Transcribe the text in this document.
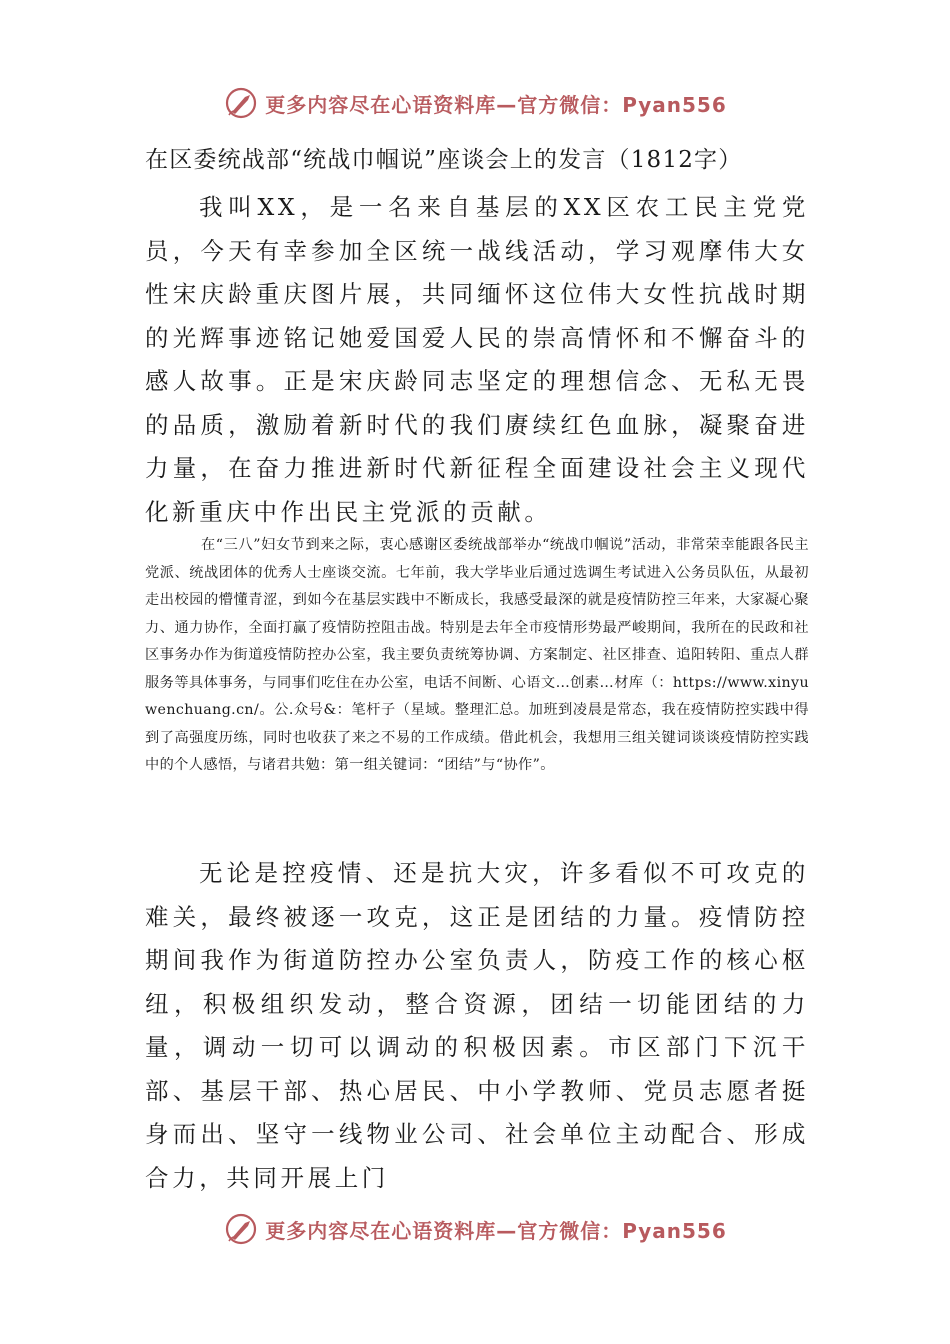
更多内容尽在心语资料库—官方微信：Pyan556
在区委统战部“统战巾帼说”座谈会上的发言（1812字）
我叫XX，是一名来自基层的XX区农工民主党党员，今天有幸参加全区统一战线活动，学习观摩伟大女性宋庆龄重庆图片展，共同缅怀这位伟大女性抗战时期的光辉事迹铭记她爱国爱人民的崇高情怀和不懈奋斗的感人故事。正是宋庆龄同志坚定的理想信念、无私无畏的品质，激励着新时代的我们赓续红色血脉，凝聚奋进力量，在奋力推进新时代新征程全面建设社会主义现代化新重庆中作出民主党派的贡献。
在“三八”妇女节到来之际，衷心感谢区委统战部举办“统战巾帼说”活动，非常荣幸能跟各民主党派、统战团体的优秀人士座谈交流。七年前，我大学毕业后通过选调生考试进入公务员队伍，从最初走出校园的懵懂青涩，到如今在基层实践中不断成长，我感受最深的就是疫情防控三年来，大家凝心聚力、通力协作，全面打赢了疫情防控阻击战。特别是去年全市疫情形势最严峻期间，我所在的民政和社区事务办作为街道疫情防控办公室，我主要负责统筹协调、方案制定、社区排查、追阳转阳、重点人群服务等具体事务，与同事们吃住在办公室，电话不间断、心语文…创素…材库（：https://www.xinyuwenchuang.cn/。公.众号&：笔杆子（星域。整理汇总。加班到凌晨是常态，我在疫情防控实践中得到了高强度历练，同时也收获了来之不易的工作成绩。借此机会，我想用三组关键词谈谈疫情防控实践中的个人感悟，与诸君共勉：第一组关键词：“团结”与“协作”。
无论是控疫情、还是抗大灾，许多看似不可攻克的难关，最终被逐一攻克，这正是团结的力量。疫情防控期间我作为街道防控办公室负责人，防疫工作的核心枢纽，积极组织发动，整合资源，团结一切能团结的力量，调动一切可以调动的积极因素。市区部门下沉干部、基层干部、热心居民、中小学教师、党员志愿者挺身而出、坚守一线物业公司、社会单位主动配合、形成合力，共同开展上门
更多内容尽在心语资料库—官方微信：Pyan556
